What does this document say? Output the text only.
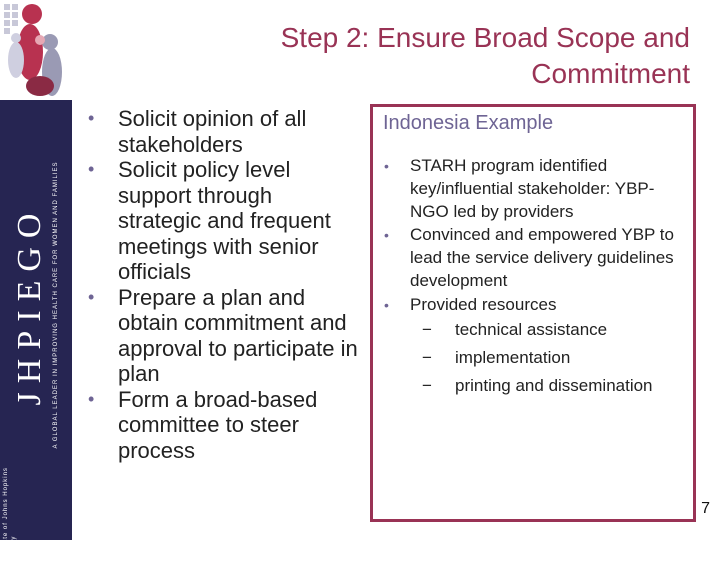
JHPIEGO A GLOBAL LEADER IN IMPROVING HEALTH CARE FOR WOMEN AND FAMILIES
An Affiliate of Johns Hopkins University
Step 2: Ensure Broad Scope and
Commitment
• Solicit opinion of all stakeholders
• Solicit policy level support through strategic and frequent meetings with senior officials
• Prepare a plan and obtain commitment and approval to participate in plan
• Form a broad-based committee to steer process
Indonesia Example
• STARH program identified key/influential stakeholder: YBP-NGO led by providers
• Convinced and empowered YBP to lead the service delivery guidelines development
• Provided resources
− technical assistance
− implementation
− printing and dissemination
7
